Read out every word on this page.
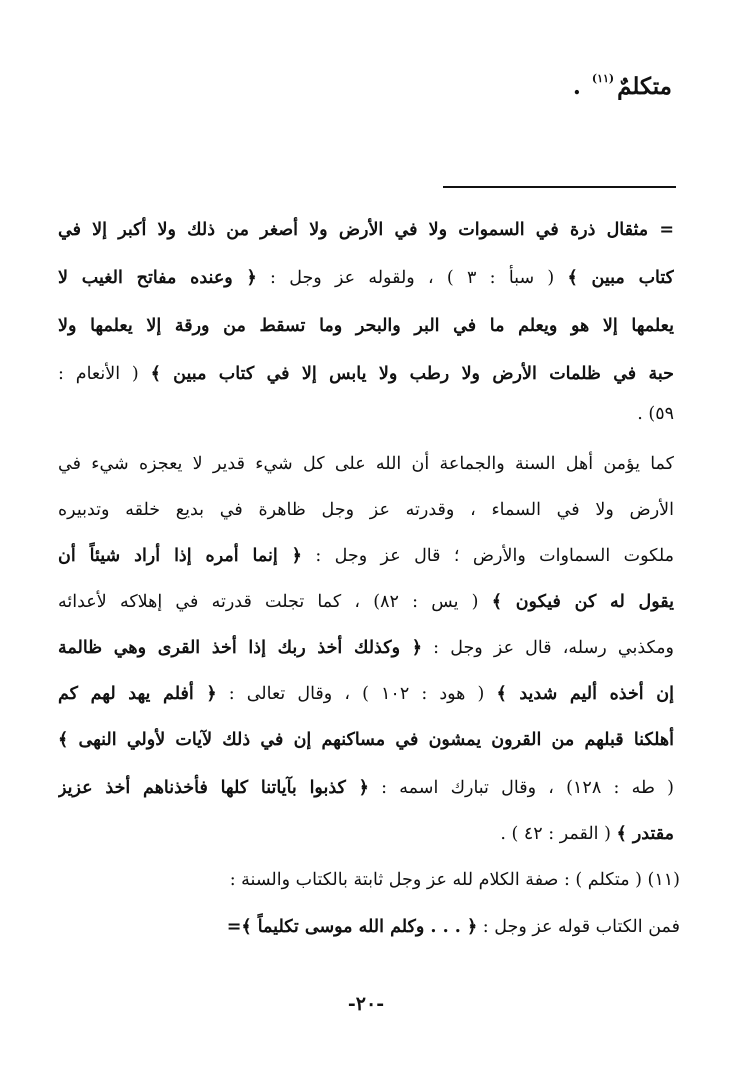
متكلمٌ$^{(١١)}$ .
= مثقال ذرة في السموات ولا في الأرض ولا أصغر من ذلك ولا أكبر إلا في
كتاب مبين ﴾ ( سبأ : ٣ ) ، ولقوله عز وجل : ﴿ وعنده مفاتح الغيب لا
يعلمها إلا هو ويعلم ما في البر والبحر وما تسقط من ورقة إلا يعلمها ولا
حبة في ظلمات الأرض ولا رطب ولا يابس إلا في كتاب مبين ﴾ ( الأنعام :
٥٩) .
كما يؤمن أهل السنة والجماعة أن الله على كل شيء قدير لا يعجزه شيء في
الأرض ولا في السماء ، وقدرته عز وجل ظاهرة في بديع خلقه وتدبيره
ملكوت السماوات والأرض ؛ قال عز وجل : ﴿ إنما أمره إذا أراد شيئاً أن
يقول له كن فيكون ﴾ ( يس : ٨٢) ، كما تجلت قدرته في إهلاكه لأعدائه
ومكذبي رسله، قال عز وجل : ﴿ وكذلك أخذ ربك إذا أخذ القرى وهي ظالمة
إن أخذه أليم شديد ﴾ ( هود : ١٠٢ ) ، وقال تعالى : ﴿ أفلم يهد لهم كم
أهلكنا قبلهم من القرون يمشون في مساكنهم إن في ذلك لآيات لأولي النهى ﴾
( طه : ١٢٨) ، وقال تبارك اسمه : ﴿ كذبوا بآياتنا كلها فأخذناهم أخذ عزيز
مقتدر ﴾ ( القمر : ٤٢ ) .
(١١) ( متكلم ) : صفة الكلام لله عز وجل ثابتة بالكتاب والسنة :
فمن الكتاب قوله عز وجل : ﴿ . . . وكلم الله موسى تكليماً ﴾=
-٢٠-
